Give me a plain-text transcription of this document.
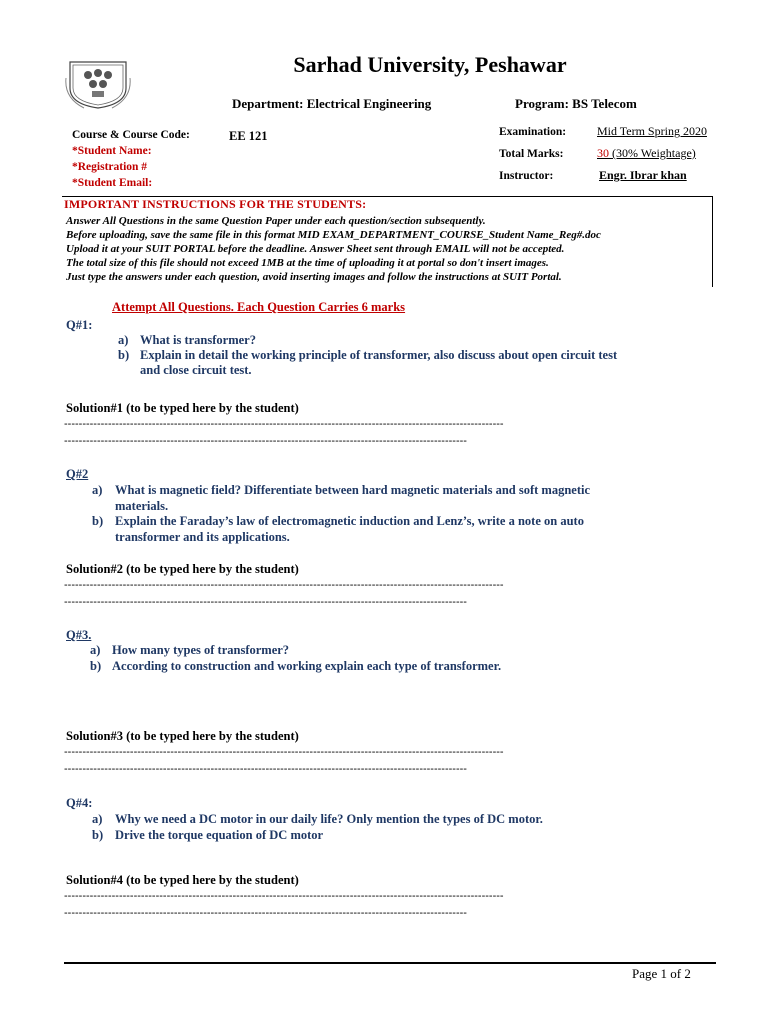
Sarhad University, Peshawar
Department: Electrical Engineering	Program: BS Telecom
Course & Course Code:	EE 121
*Student Name:
*Registration #
*Student Email:
Examination:	Mid Term Spring 2020
Total Marks:	30 (30% Weightage)
Instructor:	Engr. Ibrar khan
IMPORTANT INSTRUCTIONS FOR THE STUDENTS:
Answer All Questions in the same Question Paper under each question/section subsequently.
Before uploading, save the same file in this format MID EXAM_DEPARTMENT_COURSE_Student Name_Reg#.doc
Upload it at your SUIT PORTAL before the deadline. Answer Sheet sent through EMAIL will not be accepted.
The total size of this file should not exceed 1MB at the time of uploading it at portal so don't insert images.
Just type the answers under each question, avoid inserting images and follow the instructions at SUIT Portal.
Attempt All Questions. Each Question Carries 6 marks
Q#1:
a) What is transformer?
b) Explain in detail the working principle of transformer, also discuss about open circuit test
and close circuit test.
Solution#1 (to be typed here by the student)
------------------------------------------------------------------------------------------------------------------------
--------------------------------------------------------------------------------------------------------------
Q#2
a) What is magnetic field? Differentiate between hard magnetic materials and soft magnetic
materials.
b) Explain the Faraday’s law of electromagnetic induction and Lenz’s, write a note on auto
transformer and its applications.
Solution#2 (to be typed here by the student)
------------------------------------------------------------------------------------------------------------------------
--------------------------------------------------------------------------------------------------------------
Q#3.
a) How many types of transformer?
b) According to construction and working explain each type of transformer.
Solution#3 (to be typed here by the student)
------------------------------------------------------------------------------------------------------------------------
--------------------------------------------------------------------------------------------------------------
Q#4:
a) Why we need a DC motor in our daily life? Only mention the types of DC motor.
b) Drive the torque equation of DC motor
Solution#4 (to be typed here by the student)
------------------------------------------------------------------------------------------------------------------------
--------------------------------------------------------------------------------------------------------------
Page 1 of 2
